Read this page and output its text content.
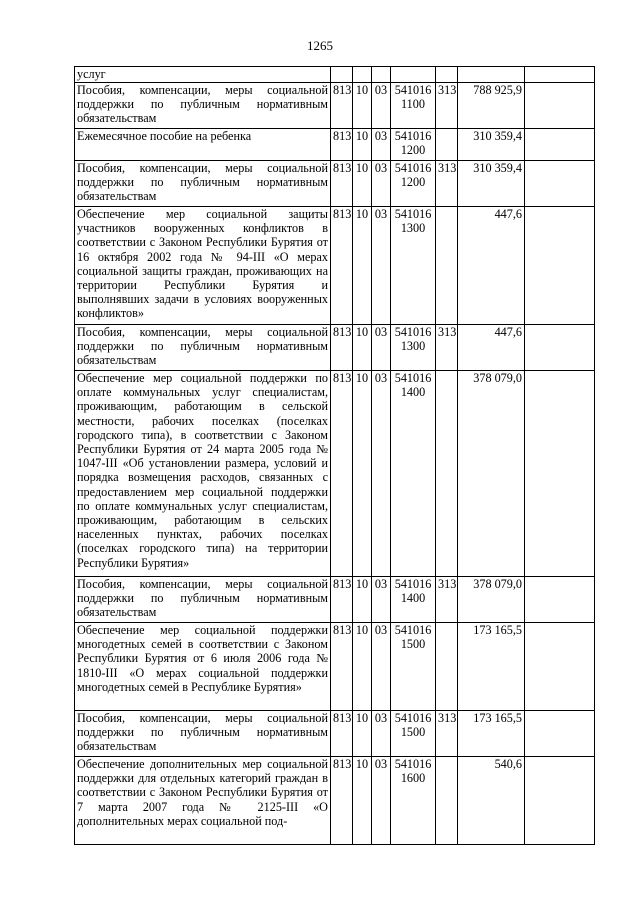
1265
услуг				

Пособия, компенсации, меры социальной поддержки по публичным нормативным обязательствам	813	10	03	541016
1100	313	788 925,9	
Ежемесячное пособие на ребенка	813	10	03	541016
1200		310 359,4	
Пособия, компенсации, меры социальной поддержки по публичным нормативным обязательствам	813	10	03	541016
1200	313	310 359,4	
Обеспечение мер социальной защиты участников вооруженных конфликтов в соответствии с Законом Республики Бурятия от 16 октября 2002 года № 94-III «О мерах социальной защиты граждан, проживающих на территории Республики Бурятия и выполнявших задачи в условиях вооруженных конфликтов»	813	10	03	541016
1300		447,6	
Пособия, компенсации, меры социальной поддержки по публичным нормативным обязательствам	813	10	03	541016
1300	313	447,6	
Обеспечение мер социальной поддержки по оплате коммунальных услуг специалистам, проживающим, работающим в сельской местности, рабочих поселках (поселках городского типа), в соответствии с Законом Республики Бурятия от 24 марта 2005 года № 1047-III «Об установлении размера, условий и порядка возмещения расходов, связанных с предоставлением мер социальной поддержки по оплате коммунальных услуг специалистам, проживающим, работающим в сельских населенных пунктах, рабочих поселках (поселках городского типа) на территории Республики Бурятия»	813	10	03	541016
1400		378 079,0	
Пособия, компенсации, меры социальной поддержки по публичным нормативным обязательствам	813	10	03	541016
1400	313	378 079,0	
Обеспечение мер социальной поддержки многодетных семей в соответствии с Законом Республики Бурятия от 6 июля 2006 года № 1810-III «О мерах социальной поддержки многодетных семей в Республике Бурятия»	813	10	03	541016
1500		173 165,5	
Пособия, компенсации, меры социальной поддержки по публичным нормативным обязательствам	813	10	03	541016
1500	313	173 165,5	
Обеспечение дополнительных мер социальной поддержки для отдельных категорий граждан в соответствии с Законом Республики Бурятия от 7 марта 2007 года № 2125-III «О дополнительных мерах социальной под-	813	10	03	541016
1600		540,6	
